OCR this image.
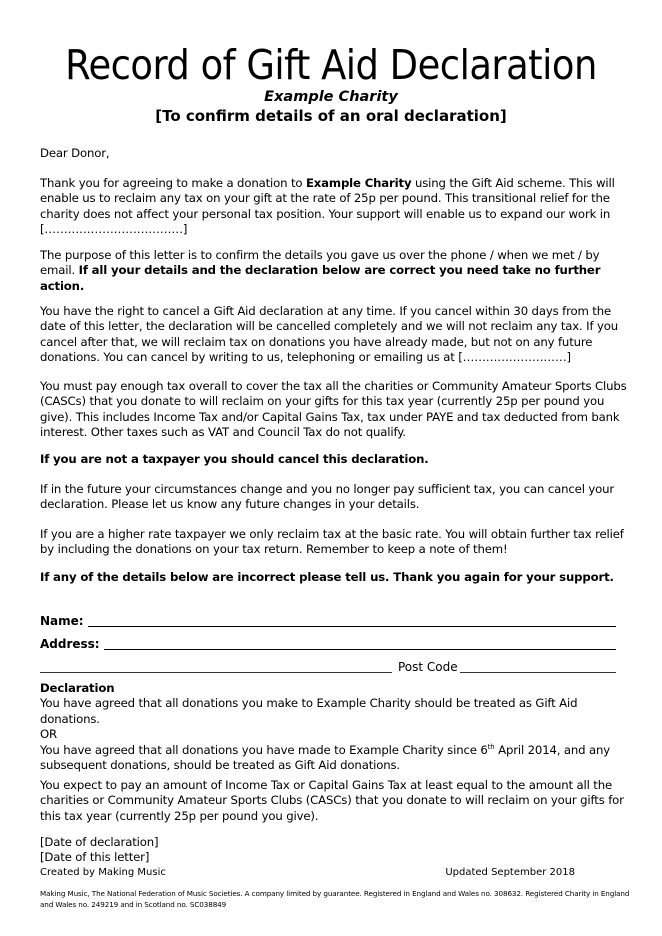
Record of Gift Aid Declaration
Example Charity
[To confirm details of an oral declaration]

Dear Donor,

Thank you for agreeing to make a donation to Example Charity using the Gift Aid scheme. This will enable us to reclaim any tax on your gift at the rate of 25p per pound. This transitional relief for the charity does not affect your personal tax position. Your support will enable us to expand our work in [………………………………]

The purpose of this letter is to confirm the details you gave us over the phone / when we met / by email. If all your details and the declaration below are correct you need take no further action.

You have the right to cancel a Gift Aid declaration at any time. If you cancel within 30 days from the date of this letter, the declaration will be cancelled completely and we will not reclaim any tax. If you cancel after that, we will reclaim tax on donations you have already made, but not on any future donations. You can cancel by writing to us, telephoning or emailing us at [………………………]

You must pay enough tax overall to cover the tax all the charities or Community Amateur Sports Clubs (CASCs) that you donate to will reclaim on your gifts for this tax year (currently 25p per pound you give). This includes Income Tax and/or Capital Gains Tax, tax under PAYE and tax deducted from bank interest. Other taxes such as VAT and Council Tax do not qualify.

If you are not a taxpayer you should cancel this declaration.

If in the future your circumstances change and you no longer pay sufficient tax, you can cancel your declaration. Please let us know any future changes in your details.

If you are a higher rate taxpayer we only reclaim tax at the basic rate. You will obtain further tax relief by including the donations on your tax return. Remember to keep a note of them!

If any of the details below are incorrect please tell us. Thank you again for your support.

Name:
Address:
Post Code

Declaration

You have agreed that all donations you make to Example Charity should be treated as Gift Aid donations.

OR

You have agreed that all donations you have made to Example Charity since 6th April 2014, and any subsequent donations, should be treated as Gift Aid donations.

You expect to pay an amount of Income Tax or Capital Gains Tax at least equal to the amount all the charities or Community Amateur Sports Clubs (CASCs) that you donate to will reclaim on your gifts for this tax year (currently 25p per pound you give).

[Date of declaration]

[Date of this letter]

Created by Making Music	Updated September 2018
Making Music, The National Federation of Music Societies. A company limited by guarantee. Registered in England and Wales no. 308632. Registered Charity in England and Wales no. 249219 and in Scotland no. SC038849
